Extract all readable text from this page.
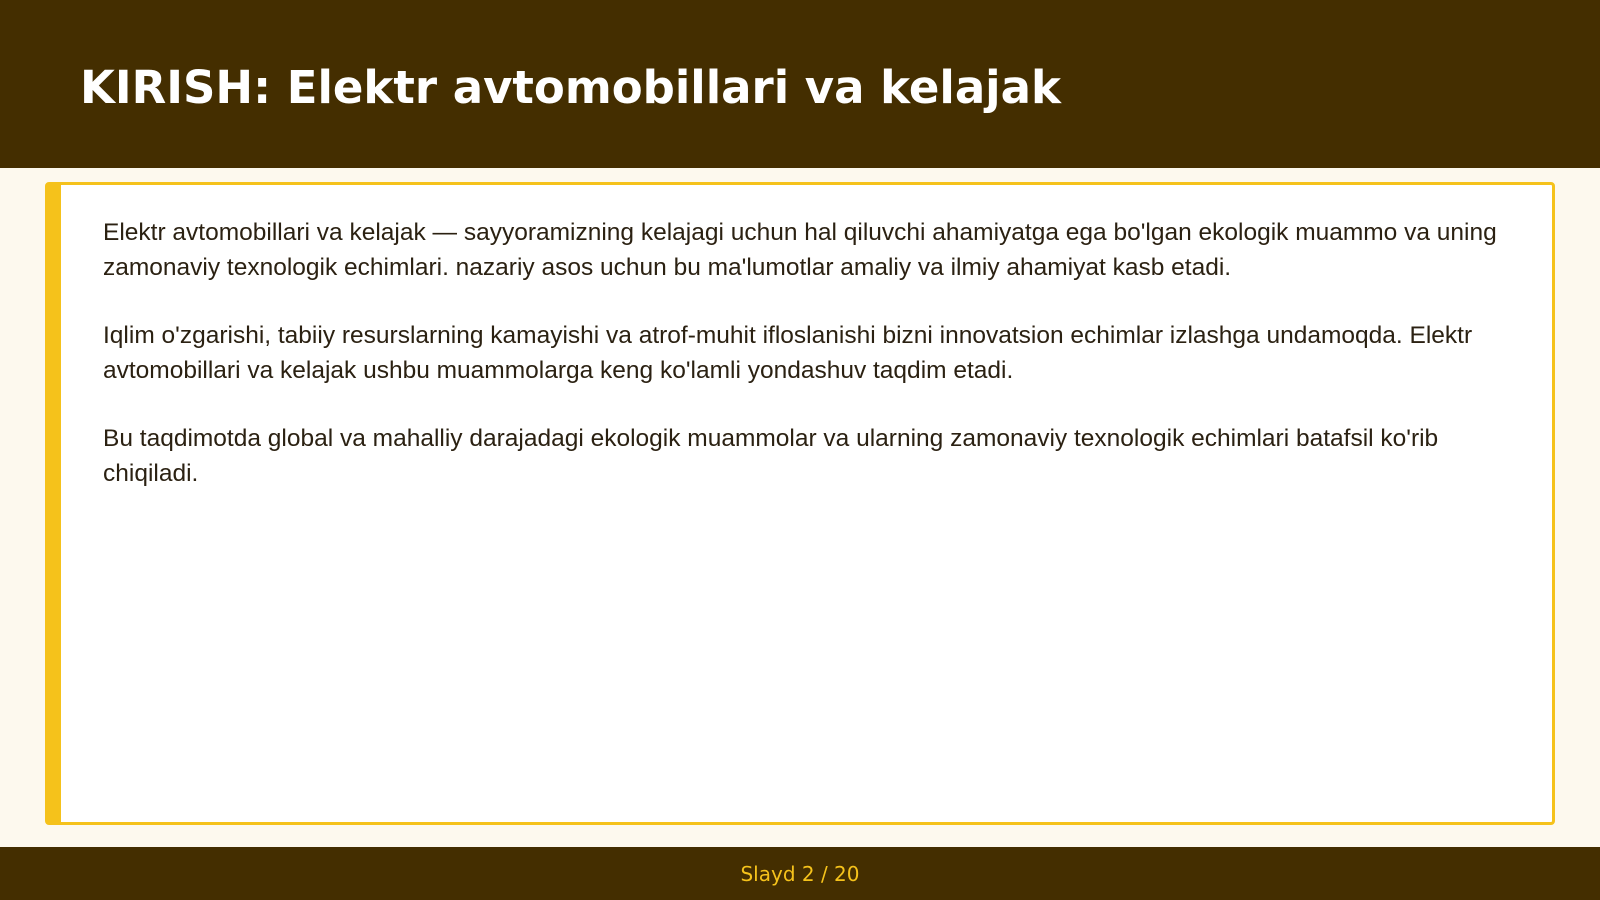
KIRISH: Elektr avtomobillari va kelajak

Elektr avtomobillari va kelajak — sayyoramizning kelajagi uchun hal qiluvchi ahamiyatga ega bo'lgan ekologik muammo va uning zamonaviy texnologik echimlari. nazariy asos uchun bu ma'lumotlar amaliy va ilmiy ahamiyat kasb etadi.

Iqlim o'zgarishi, tabiiy resurslarning kamayishi va atrof-muhit ifloslanishi bizni innovatsion echimlar izlashga undamoqda. Elektr avtomobillari va kelajak ushbu muammolarga keng ko'lamli yondashuv taqdim etadi.

Bu taqdimotda global va mahalliy darajadagi ekologik muammolar va ularning zamonaviy texnologik echimlari batafsil ko'rib chiqiladi.

Slayd 2 / 20
